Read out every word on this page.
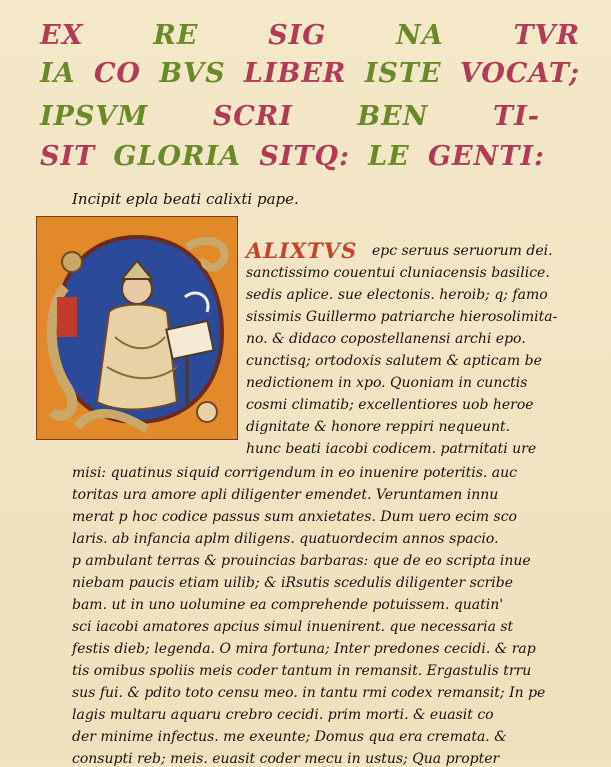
EX	RE	SIG	NA	TVR
IA CO BVS LIBER ISTE VOCAT;
IPSVM SCRI BEN TI-
SIT GLORIA SITQ: LE GENTI:
Incipit epla beati calixti pape.
ALIXTVS epc seruus seruorum dei.
sanctissimo couentui cluniacensis basilice.
sedis aplice. sue electonis. heroib; q; famo
sissimis Guillermo patriarche hierosolimita-
no. & didaco copostellanensi archi epo.
cunctisq; ortodoxis salutem & apticam be
nedictionem in xpo. Quoniam in cunctis
cosmi climatib; excellentiores uob heroe
dignitate & honore reppiri nequeunt.
hunc beati iacobi codicem. patrnitati ure
misi: quatinus siquid corrigendum in eo inuenire poteritis. auc
toritas ura amore apli diligenter emendet. Veruntamen innu
merat p hoc codice passus sum anxietates. Dum uero ecim sco
laris. ab infancia aplm diligens. quatuordecim annos spacio.
p ambulant terras & prouincias barbaras: que de eo scripta inue
niebam paucis etiam uilib; & iRsutis scedulis diligenter scribe
bam. ut in uno uolumine ea comprehende potuissem. quatin'
sci iacobi amatores apcius simul inuenirent. que necessaria st
festis dieb; legenda. O mira fortuna; Inter predones cecidi. & rap
tis omibus spoliis meis coder tantum in remansit. Ergastulis trru
sus fui. & pdito toto censu meo. in tantu rmi codex remansit; In pe
lagis multaru aquaru crebro cecidi. prim morti. & euasit co
der minime infectus. me exeunte; Domus qua era cremata. &
consupti reb; meis. euasit coder mecu in ustus; Qua propter
